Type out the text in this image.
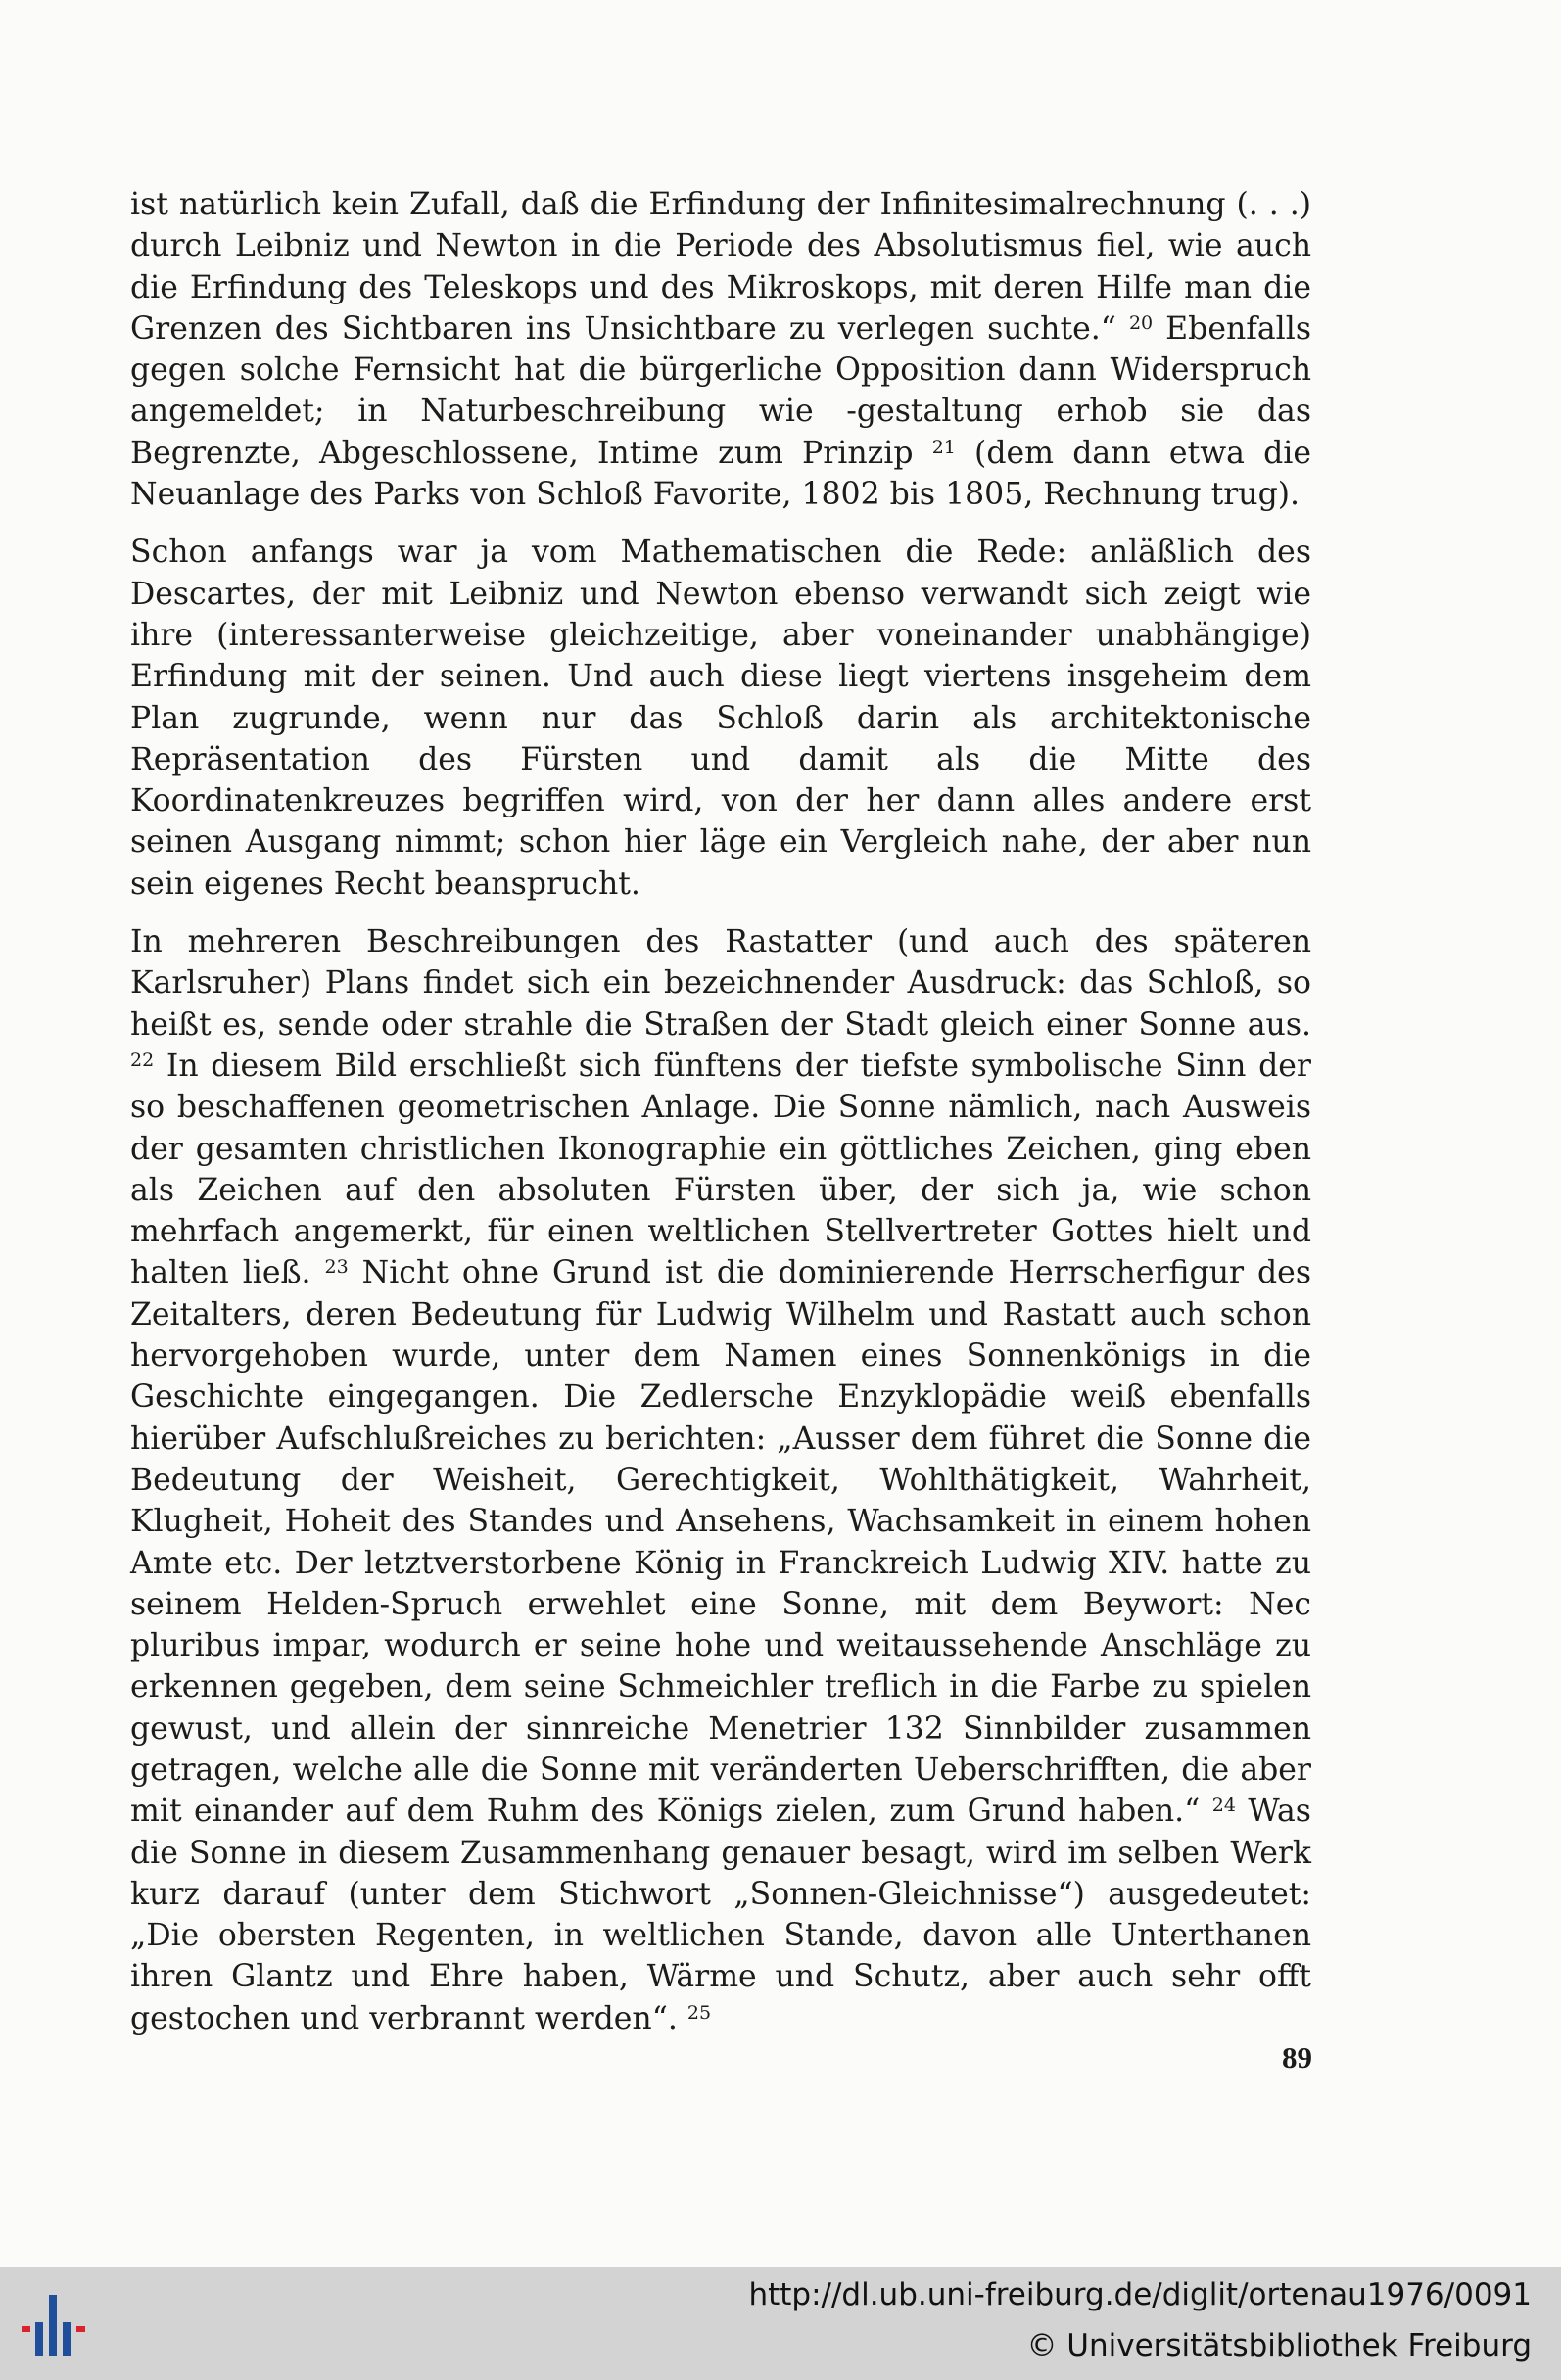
ist natürlich kein Zufall, daß die Erfindung der Infinitesimalrechnung (. . .) durch Leibniz und Newton in die Periode des Absolutismus fiel, wie auch die Erfindung des Teleskops und des Mikroskops, mit deren Hilfe man die Grenzen des Sichtbaren ins Unsichtbare zu verlegen suchte.“ $^{20}$ Ebenfalls gegen solche Fernsicht hat die bürgerliche Opposition dann Widerspruch angemeldet; in Naturbeschreibung wie -gestaltung erhob sie das Begrenzte, Abgeschlossene, Intime zum Prinzip $^{21}$ (dem dann etwa die Neuanlage des Parks von Schloß Favorite, 1802 bis 1805, Rechnung trug).

Schon anfangs war ja vom Mathematischen die Rede: anläßlich des Descartes, der mit Leibniz und Newton ebenso verwandt sich zeigt wie ihre (interessanterweise gleichzeitige, aber voneinander unabhängige) Erfindung mit der seinen. Und auch diese liegt viertens insgeheim dem Plan zugrunde, wenn nur das Schloß darin als architektonische Repräsentation des Fürsten und damit als die Mitte des Koordinatenkreuzes begriffen wird, von der her dann alles andere erst seinen Ausgang nimmt; schon hier läge ein Vergleich nahe, der aber nun sein eigenes Recht beansprucht.

In mehreren Beschreibungen des Rastatter (und auch des späteren Karlsruher) Plans findet sich ein bezeichnender Ausdruck: das Schloß, so heißt es, sende oder strahle die Straßen der Stadt gleich einer Sonne aus. $^{22}$ In diesem Bild erschließt sich fünftens der tiefste symbolische Sinn der so beschaffenen geometrischen Anlage. Die Sonne nämlich, nach Ausweis der gesamten christlichen Ikonographie ein göttliches Zeichen, ging eben als Zeichen auf den absoluten Fürsten über, der sich ja, wie schon mehrfach angemerkt, für einen weltlichen Stellvertreter Gottes hielt und halten ließ. $^{23}$ Nicht ohne Grund ist die dominierende Herrscherfigur des Zeitalters, deren Bedeutung für Ludwig Wilhelm und Rastatt auch schon hervorgehoben wurde, unter dem Namen eines Sonnenkönigs in die Geschichte eingegangen. Die Zedlersche Enzyklopädie weiß ebenfalls hierüber Aufschlußreiches zu berichten: „Ausser dem führet die Sonne die Bedeutung der Weisheit, Gerechtigkeit, Wohlthätigkeit, Wahrheit, Klugheit, Hoheit des Standes und Ansehens, Wachsamkeit in einem hohen Amte etc. Der letztverstorbene König in Franckreich Ludwig XIV. hatte zu seinem Helden-Spruch erwehlet eine Sonne, mit dem Beywort: Nec pluribus impar, wodurch er seine hohe und weitaussehende Anschläge zu erkennen gegeben, dem seine Schmeichler treflich in die Farbe zu spielen gewust, und allein der sinnreiche Menetrier 132 Sinnbilder zusammen getragen, welche alle die Sonne mit veränderten Ueberschrifften, die aber mit einander auf dem Ruhm des Königs zielen, zum Grund haben.“ $^{24}$ Was die Sonne in diesem Zusammenhang genauer besagt, wird im selben Werk kurz darauf (unter dem Stichwort „Sonnen-Gleichnisse“) ausgedeutet: „Die obersten Regenten, in weltlichen Stande, davon alle Unterthanen ihren Glantz und Ehre haben, Wärme und Schutz, aber auch sehr offt gestochen und verbrannt werden“. $^{25}$

89
http://dl.ub.uni-freiburg.de/diglit/ortenau1976/0091
© Universitätsbibliothek Freiburg
